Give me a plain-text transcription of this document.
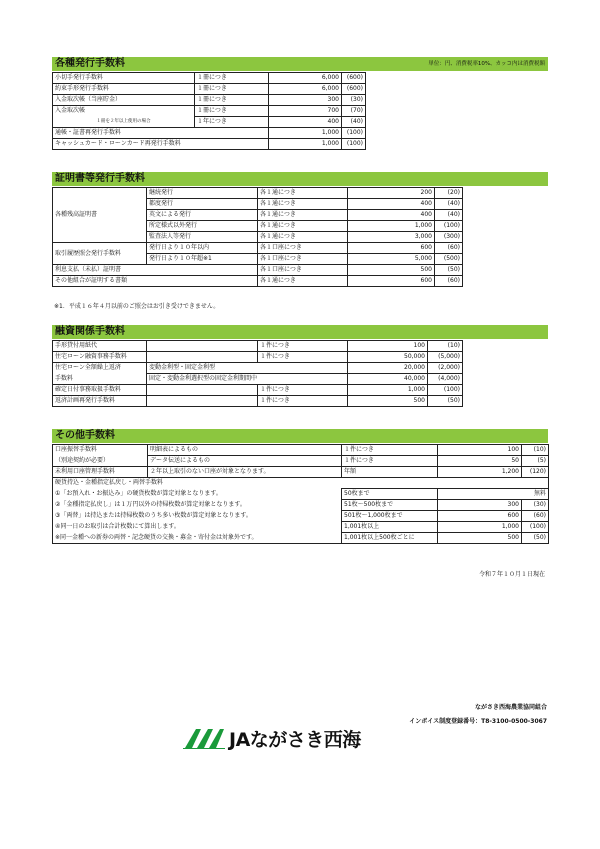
各種発行手数料	単位：円、消費税率10%、カッコ内は消費税額
小切手発行手数料	１冊につき	6,000	(600)
約束手形発行手数料	１冊につき	6,000	(600)
入金取次帳（当座貯金）	１冊につき	300	(30)
入金取次帳	１冊につき	700	(70)
１冊を２年以上使用の場合	１年につき	400	(40)
通帳・証書再発行手数料		1,000	(100)
キャッシュカード・ローンカード再発行手数料		1,000	(100)
証明書等発行手数料
各種残高証明書	継続発行	各１通につき	200	(20)
	都度発行	各１通につき	400	(40)
	英文による発行	各１通につき	400	(40)
	所定様式以外発行	各１通につき	1,000	(100)
	監査法人等発行	各１通につき	3,000	(300)
取引履歴照会発行手数料	発行日より１０年以内	各１口座につき	600	(60)
	発行日より１０年超※1	各１口座につき	5,000	(500)
利息支払（未払）証明書		各１口座につき	500	(50)
その他組合が証明する書類		各１通につき	600	(60)
※1．平成１６年４月以前のご照会はお引き受けできません。
融資関係手数料
手形貸付用紙代		１件につき	100	(10)
住宅ローン融資事務手数料		１件につき	50,000	(5,000)
住宅ローン全額繰上返済	変動金利型・固定金利型		20,000	(2,000)
手数料	固定・変動金利選択型の固定金利期間中		40,000	(4,000)
確定日付事務取扱手数料		１件につき	1,000	(100)
返済計画再発行手数料		１件につき	500	(50)
その他手数料
口座振替手数料	明細表によるもの	１件につき	100	(10)
（別途契約が必要）	データ伝送によるもの	１件につき	50	(5)
未利用口座管理手数料	２年以上取引のない口座が対象となります。	年額	1,200	(120)
硬貨持込・金種指定払戻し・両替手数料				
①「お預入れ・お振込み」の硬貨枚数が算定対象となります。		50枚まで	無料	
②「金種指定払戻し」は１万円以外の持帰枚数が算定対象となります。		51枚～500枚まで	300	(30)
③「両替」は持込または持帰枚数のうち多い枚数が算定対象となります。		501枚～1,000枚まで	600	(60)
④同一日のお取引は合計枚数にて算出します。		1,001枚以上	1,000	(100)
※同一金種への新券の両替・記念硬貨の交換・募金・寄付金は対象外です。		1,001枚以上500枚ごとに	500	(50)
令和７年１０月１日現在
ながさき西海農業協同組合
インボイス制度登録番号：T8-3100-0500-3067
JAながさき西海
